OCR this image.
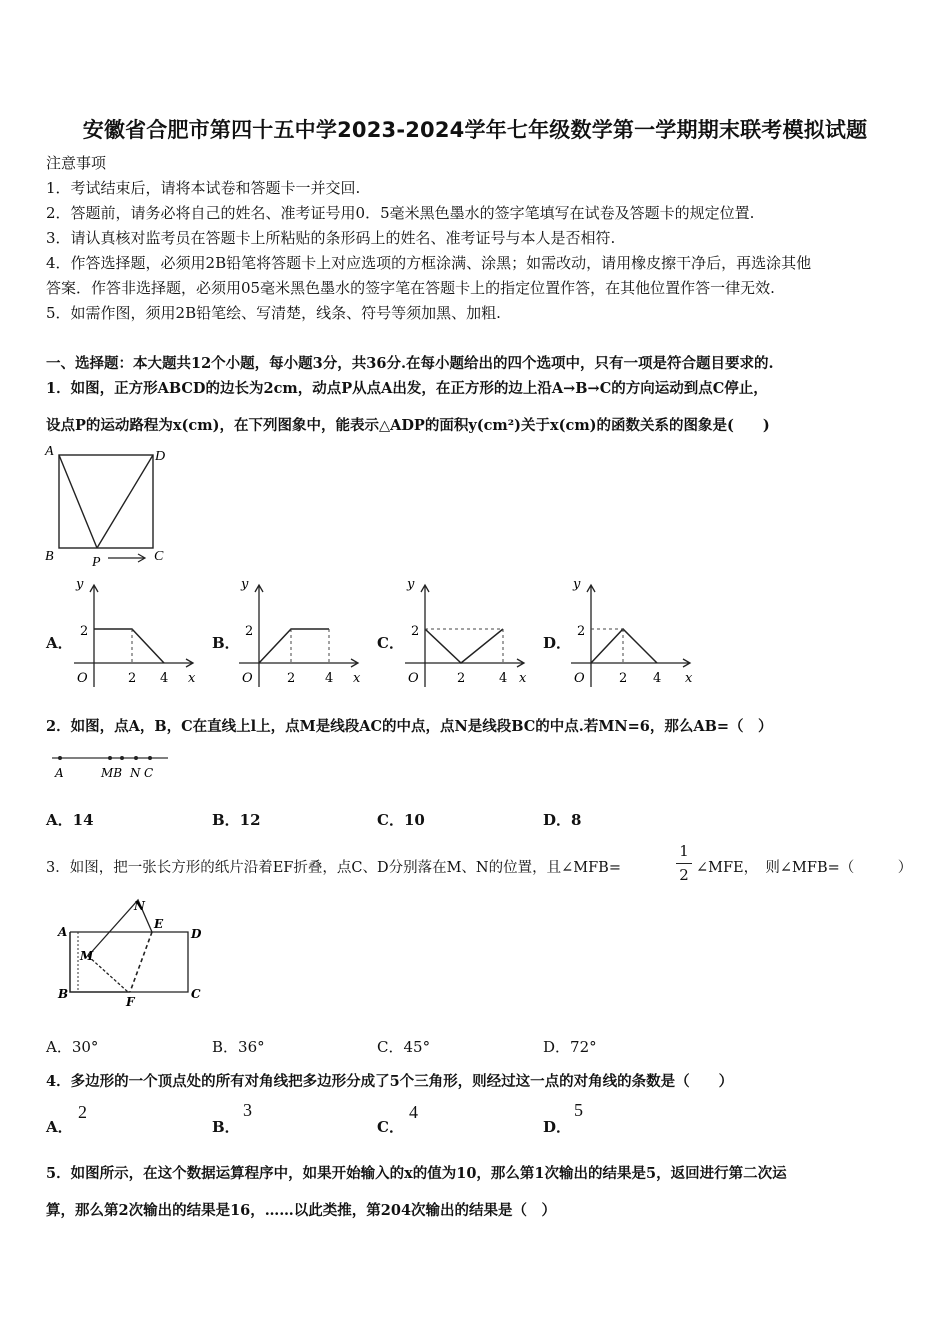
安徽省合肥市第四十五中学2023-2024学年七年级数学第一学期期末联考模拟试题
注意事项
1．考试结束后，请将本试卷和答题卡一并交回.
2．答题前，请务必将自己的姓名、准考证号用0．5毫米黑色墨水的签字笔填写在试卷及答题卡的规定位置.
3．请认真核对监考员在答题卡上所粘贴的条形码上的姓名、准考证号与本人是否相符.
4．作答选择题，必须用2B铅笔将答题卡上对应选项的方框涂满、涂黑；如需改动，请用橡皮擦干净后，再选涂其他
答案．作答非选择题，必须用05毫米黑色墨水的签字笔在答题卡上的指定位置作答，在其他位置作答一律无效.
5．如需作图，须用2B铅笔绘、写清楚，线条、符号等须加黑、加粗.
一、选择题：本大题共12个小题，每小题3分，共36分.在每小题给出的四个选项中，只有一项是符合题目要求的.
1．如图，正方形ABCD的边长为2cm，动点P从点A出发，在正方形的边上沿A→B→C的方向运动到点C停止，
设点P的运动路程为x(cm)，在下列图象中，能表示△ADP的面积y(cm²)关于x(cm)的函数关系的图象是(　　)
A	D
B	C
P
A．
y
2
O	2 4 x
B．
y
2
O	2 4 x
C．
y
2
O	2	4 x
D．
y
2
O	2 4 x
2．如图，点A，B，C在直线上l上，点M是线段AC的中点，点N是线段BC的中点.若MN=6，那么AB=（　）
A	MB N C
A．14	B．12	C．10	D．8
3．如图，把一张长方形的纸片沿着EF折叠，点C、D分别落在M、N的位置，且∠MFB=
1
2 ∠MFE，　则∠MFB=（　　　）
A
B	C
D
E
F
M
N
A．30°	B．36°	C．45°	D．72°
4．多边形的一个顶点处的所有对角线把多边形分成了5个三角形，则经过这一点的对角线的条数是（　　）
A．
2
B．
3
C．
4
D．
5
5．如图所示，在这个数据运算程序中，如果开始输入的x的值为10，那么第1次输出的结果是5，返回进行第二次运
算，那么第2次输出的结果是16，……以此类推，第204次输出的结果是（　）
